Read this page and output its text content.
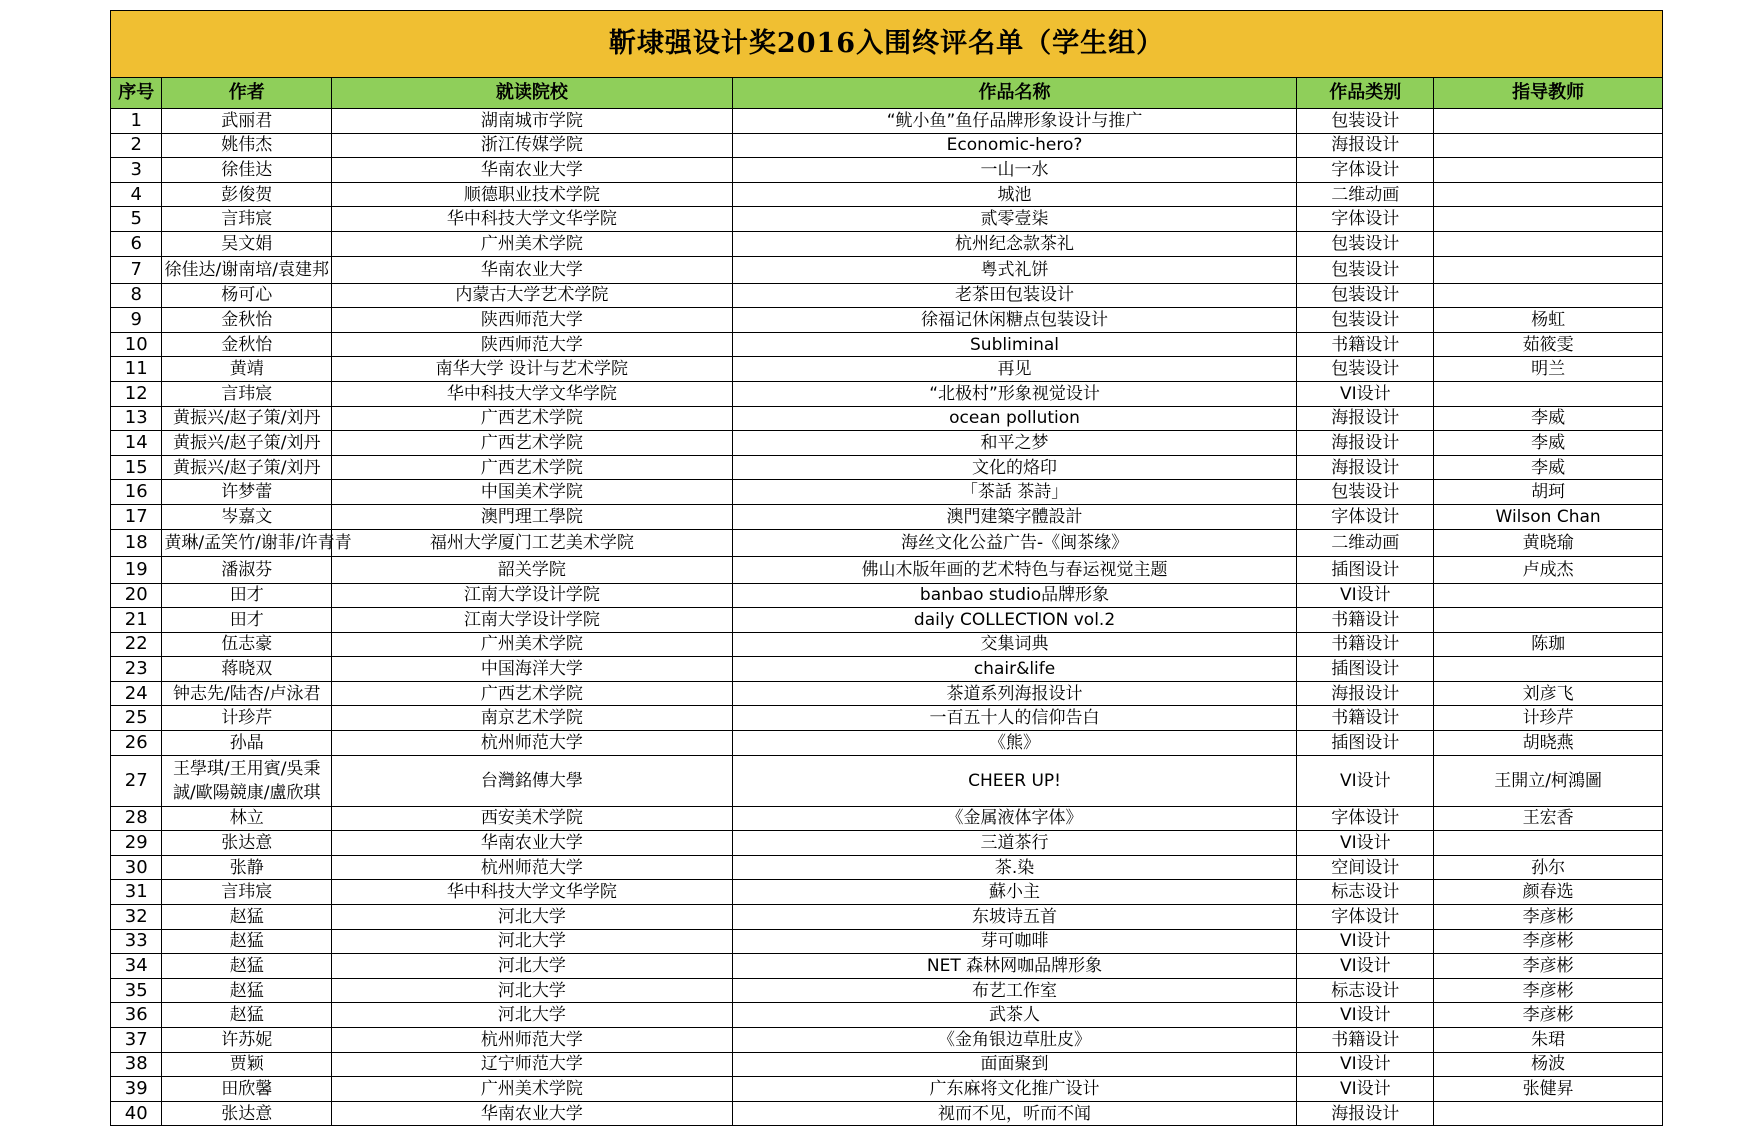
靳埭强设计奖2016入围终评名单（学生组）					
序号	作者	就读院校	作品名称	作品类别	指导教师
1	武丽君	湖南城市学院	“鱿小鱼”鱼仔品牌形象设计与推广	包装设计	
2	姚伟杰	浙江传媒学院	Economic-hero?	海报设计	
3	徐佳达	华南农业大学	一山一水	字体设计	
4	彭俊贺	顺德职业技术学院	城池	二维动画	
5	言玮宸	华中科技大学文华学院	贰零壹柒	字体设计	
6	吴文娟	广州美术学院	杭州纪念款茶礼	包装设计	
7	徐佳达/谢南培/袁建邦	华南农业大学	粤式礼饼	包装设计	
8	杨可心	内蒙古大学艺术学院	老茶田包装设计	包装设计	
9	金秋怡	陕西师范大学	徐福记休闲糖点包装设计	包装设计	杨虹
10	金秋怡	陕西师范大学	Subliminal	书籍设计	茹筱雯
11	黄靖	南华大学 设计与艺术学院	再见	包装设计	明兰
12	言玮宸	华中科技大学文华学院	“北极村”形象视觉设计	VI设计	
13	黄振兴/赵子策/刘丹	广西艺术学院	ocean pollution	海报设计	李威
14	黄振兴/赵子策/刘丹	广西艺术学院	和平之梦	海报设计	李威
15	黄振兴/赵子策/刘丹	广西艺术学院	文化的烙印	海报设计	李威
16	许梦蕾	中国美术学院	「茶話 茶詩」	包装设计	胡珂
17	岑嘉文	澳門理工學院	澳門建築字體設計	字体设计	Wilson Chan
18	黄琳/孟笑竹/谢菲/许青青	福州大学厦门工艺美术学院	海丝文化公益广告-《闽茶缘》	二维动画	黄晓瑜
19	潘淑芬	韶关学院	佛山木版年画的艺术特色与春运视觉主题	插图设计	卢成杰
20	田才	江南大学设计学院	banbao studio品牌形象	VI设计	
21	田才	江南大学设计学院	daily COLLECTION vol.2	书籍设计	
22	伍志豪	广州美术学院	交集词典	书籍设计	陈珈
23	蒋晓双	中国海洋大学	chair&life	插图设计	
24	钟志先/陆杏/卢泳君	广西艺术学院	茶道系列海报设计	海报设计	刘彦飞
25	计珍芹	南京艺术学院	一百五十人的信仰告白	书籍设计	计珍芹
26	孙晶	杭州师范大学	《熊》	插图设计	胡晓燕
27	王學琪/王用賓/吳秉誠/歐陽競康/盧欣琪	台灣銘傳大學	CHEER UP!	VI设计	王開立/柯鴻圖
28	林立	西安美术学院	《金属液体字体》	字体设计	王宏香
29	张达意	华南农业大学	三道茶行	VI设计	
30	张静	杭州师范大学	茶.染	空间设计	孙尔
31	言玮宸	华中科技大学文华学院	蘇小主	标志设计	颜春选
32	赵猛	河北大学	东坡诗五首	字体设计	李彦彬
33	赵猛	河北大学	芽可咖啡	VI设计	李彦彬
34	赵猛	河北大学	NET 森林网咖品牌形象	VI设计	李彦彬
35	赵猛	河北大学	布艺工作室	标志设计	李彦彬
36	赵猛	河北大学	武茶人	VI设计	李彦彬
37	许苏妮	杭州师范大学	《金角银边草肚皮》	书籍设计	朱珺
38	贾颖	辽宁师范大学	面面聚到	VI设计	杨波
39	田欣馨	广州美术学院	广东麻将文化推广设计	VI设计	张健昇
40	张达意	华南农业大学	视而不见，听而不闻	海报设计	
